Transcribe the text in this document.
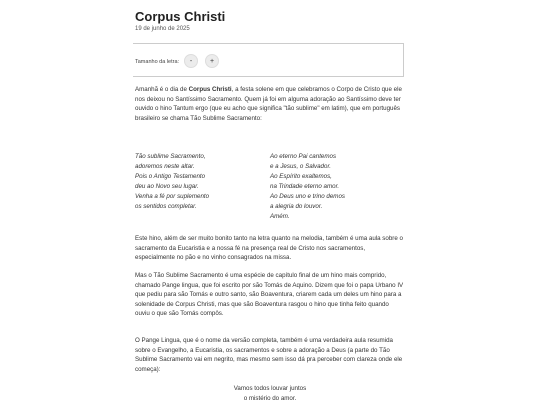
Corpus Christi
19 de junho de 2025
Tamanho da letra:	-	+

Amanhã é o dia de Corpus Christi, a festa solene em que celebramos o Corpo de Cristo que ele nos deixou no Santíssimo Sacramento. Quem já foi em alguma adoração ao Santíssimo deve ter ouvido o hino Tantum ergo (que eu acho que significa "tão sublime" em latim), que em português brasileiro se chama Tão Sublime Sacramento:

Tão sublime Sacramento,
adoremos neste altar.
Pois o Antigo Testamento
deu ao Novo seu lugar.
Venha a fé por suplemento
os sentidos completar.
Ao eterno Pai cantemos
e a Jesus, o Salvador.
Ao Espírito exaltemos,
na Trindade eterno amor.
Ao Deus uno e trino demos
a alegria do louvor.
Amém.

Este hino, além de ser muito bonito tanto na letra quanto na melodia, também é uma aula sobre o sacramento da Eucaristia e a nossa fé na presença real de Cristo nos sacramentos, especialmente no pão e no vinho consagrados na missa.

Mas o Tão Sublime Sacramento é uma espécie de capítulo final de um hino mais comprido, chamado Pange lingua, que foi escrito por são Tomás de Aquino. Dizem que foi o papa Urbano IV que pediu para são Tomás e outro santo, são Boaventura, criarem cada um deles um hino para a solenidade de Corpus Christi, mas que são Boaventura rasgou o hino que tinha feito quando ouviu o que são Tomás compôs.

O Pange Lingua, que é o nome da versão completa, também é uma verdadeira aula resumida sobre o Evangelho, a Eucaristia, os sacramentos e sobre a adoração a Deus (a parte do Tão Sublime Sacramento vai em negrito, mas mesmo sem isso dá pra perceber com clareza onde ele começa):

Vamos todos louvar juntos
o mistério do amor.
